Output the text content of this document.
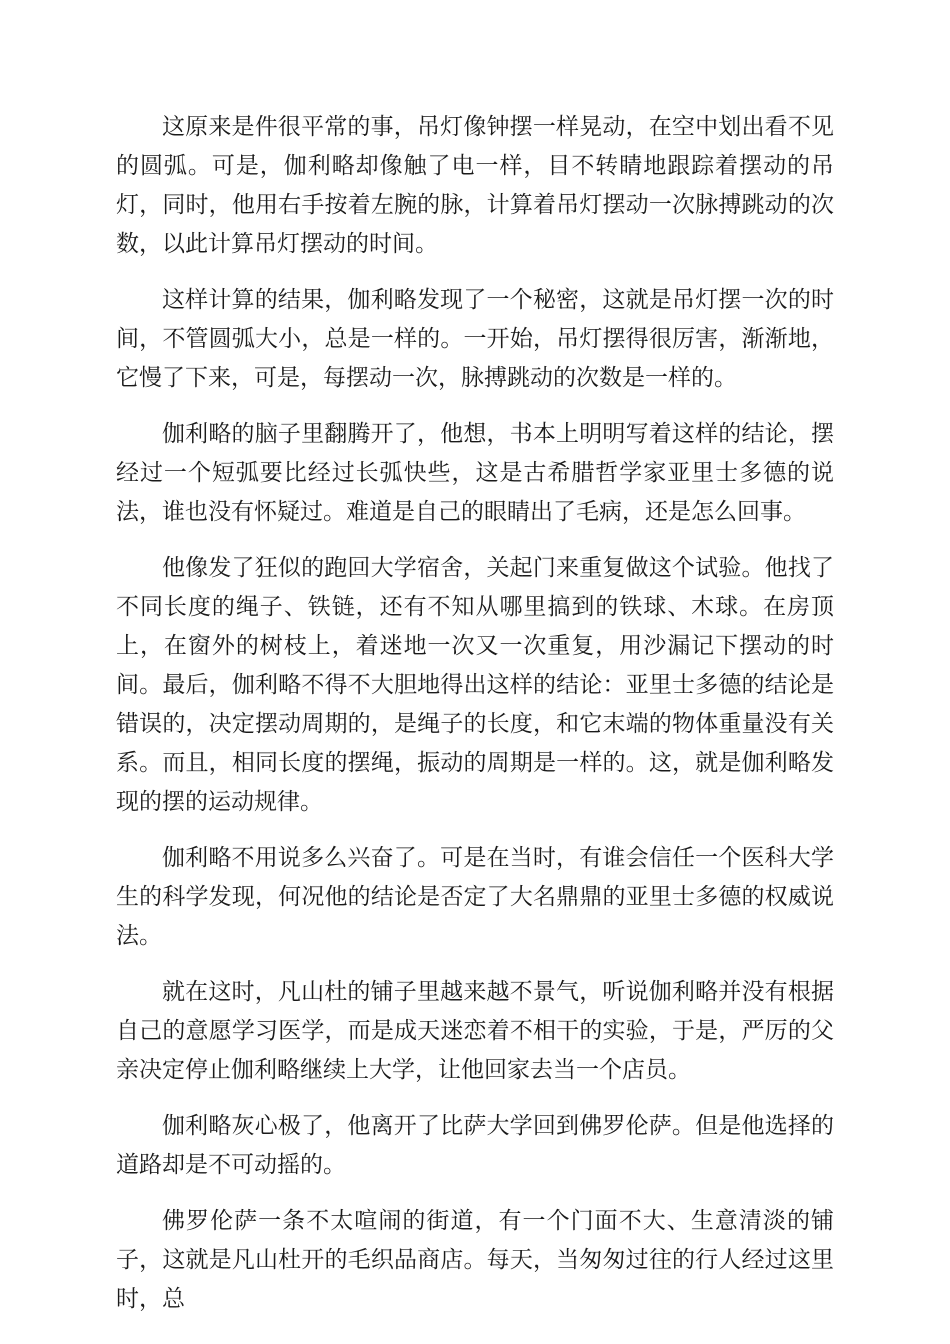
这原来是件很平常的事，吊灯像钟摆一样晃动，在空中划出看不见的圆弧。可是，伽利略却像触了电一样，目不转睛地跟踪着摆动的吊灯，同时，他用右手按着左腕的脉，计算着吊灯摆动一次脉搏跳动的次数，以此计算吊灯摆动的时间。

这样计算的结果，伽利略发现了一个秘密，这就是吊灯摆一次的时间，不管圆弧大小，总是一样的。一开始，吊灯摆得很厉害，渐渐地，它慢了下来，可是，每摆动一次，脉搏跳动的次数是一样的。

伽利略的脑子里翻腾开了，他想，书本上明明写着这样的结论，摆经过一个短弧要比经过长弧快些，这是古希腊哲学家亚里士多德的说法，谁也没有怀疑过。难道是自己的眼睛出了毛病，还是怎么回事。

他像发了狂似的跑回大学宿舍，关起门来重复做这个试验。他找了不同长度的绳子、铁链，还有不知从哪里搞到的铁球、木球。在房顶上，在窗外的树枝上，着迷地一次又一次重复，用沙漏记下摆动的时间。最后，伽利略不得不大胆地得出这样的结论：亚里士多德的结论是错误的，决定摆动周期的，是绳子的长度，和它末端的物体重量没有关系。而且，相同长度的摆绳，振动的周期是一样的。这，就是伽利略发现的摆的运动规律。

伽利略不用说多么兴奋了。可是在当时，有谁会信任一个医科大学生的科学发现，何况他的结论是否定了大名鼎鼎的亚里士多德的权威说法。

就在这时，凡山杜的铺子里越来越不景气，听说伽利略并没有根据自己的意愿学习医学，而是成天迷恋着不相干的实验，于是，严厉的父亲决定停止伽利略继续上大学，让他回家去当一个店员。

伽利略灰心极了，他离开了比萨大学回到佛罗伦萨。但是他选择的道路却是不可动摇的。

佛罗伦萨一条不太喧闹的街道，有一个门面不大、生意清淡的铺子，这就是凡山杜开的毛织品商店。每天，当匆匆过往的行人经过这里时，总
